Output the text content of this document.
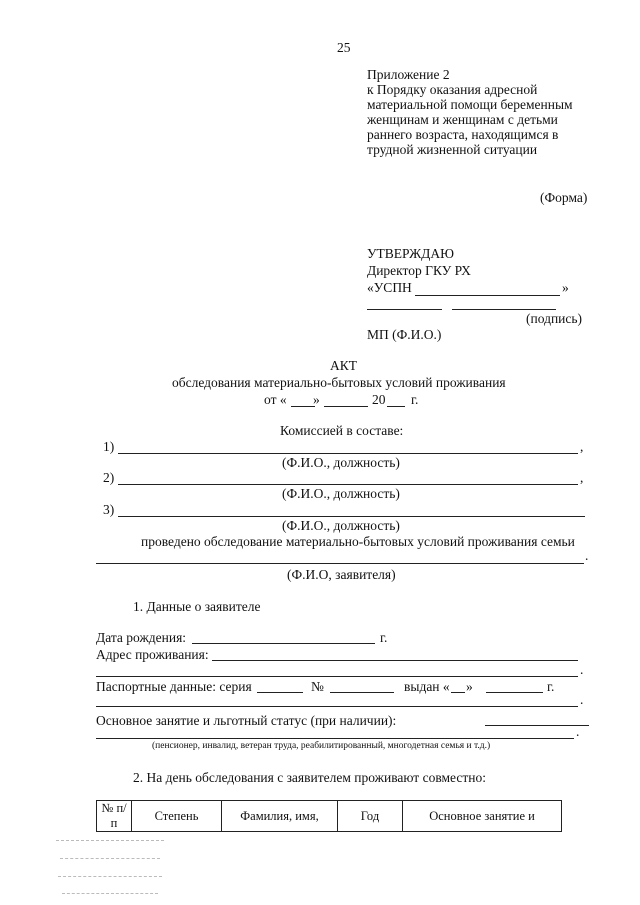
25
Приложение 2
к Порядку оказания адресной
материальной помощи беременным
женщинам и женщинам с детьми
раннего возраста, находящимся в
трудной жизненной ситуации
(Форма)
УТВЕРЖДАЮ
Директор ГКУ РХ
«УСПН	»
(подпись)
МП (Ф.И.О.)
АКТ
обследования материально-бытовых условий проживания
от « »	20 г.
Комиссией в составе:
1)	,
(Ф.И.О., должность)
2)	,
(Ф.И.О., должность)
3)
(Ф.И.О., должность)
проведено обследование материально-бытовых условий проживания семьи
.
(Ф.И.О, заявителя)
1. Данные о заявителе
Дата рождения:	г.
Адрес проживания:
.
Паспортные данные: серия	№	выдан « »	г.
.
Основное занятие и льготный статус (при наличии):
.
(пенсионер, инвалид, ветеран труда, реабилитированный, многодетная семья и т.д.)
2. На день обследования с заявителем проживают совместно:
№ п/п	Степень	Фамилия, имя,	Год	Основное занятие и
